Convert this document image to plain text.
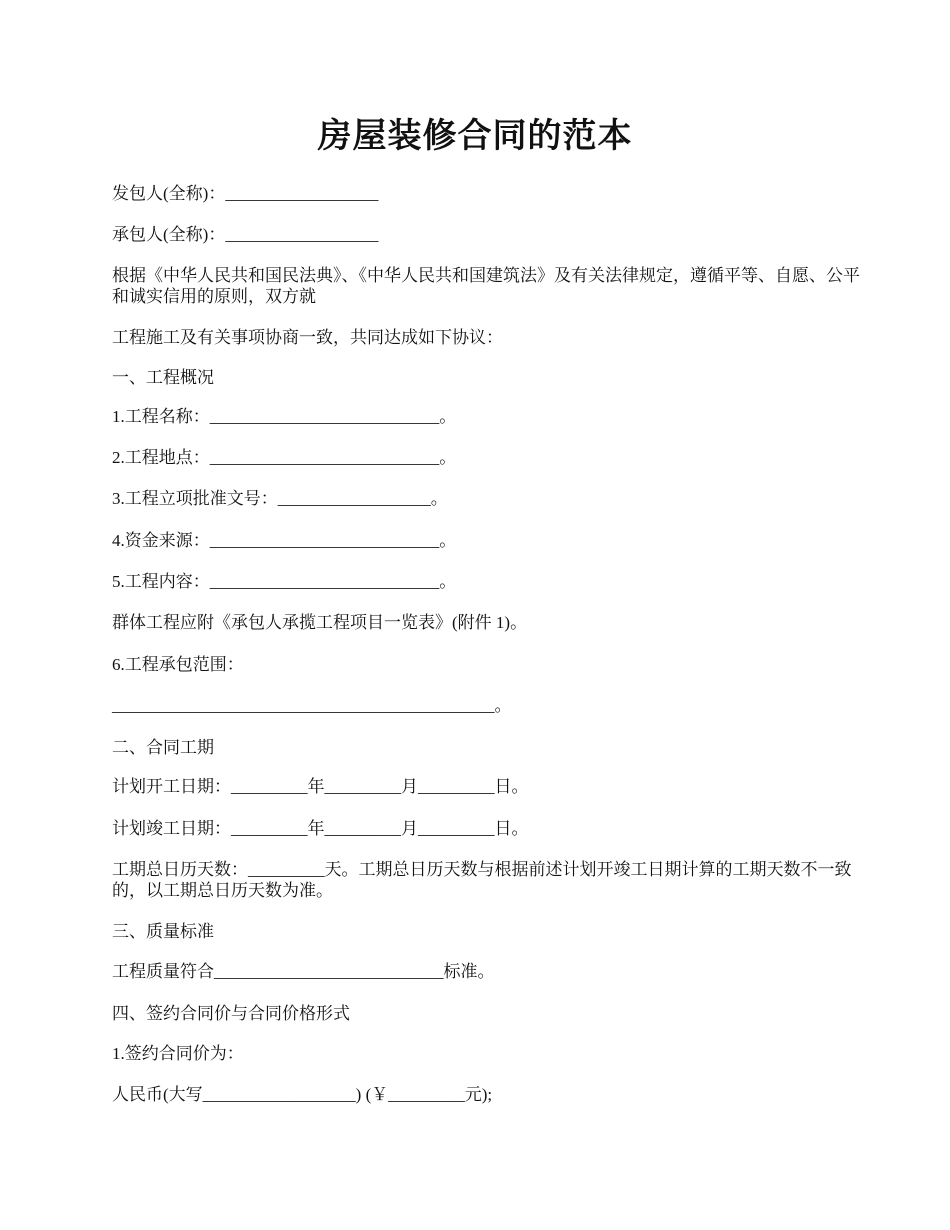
房屋装修合同的范本
发包人(全称)：__________________
承包人(全称)：__________________
根据《中华人民共和国民法典》、《中华人民共和国建筑法》及有关法律规定，遵循平等、自愿、公平和诚实信用的原则，双方就
工程施工及有关事项协商一致，共同达成如下协议：
一、工程概况
1.工程名称：___________________________。
2.工程地点：___________________________。
3.工程立项批准文号：__________________。
4.资金来源：___________________________。
5.工程内容：___________________________。
群体工程应附《承包人承揽工程项目一览表》(附件 1)。
6.工程承包范围：
_____________________________________________。
二、合同工期
计划开工日期：_________年_________月_________日。
计划竣工日期：_________年_________月_________日。
工期总日历天数：_________天。工期总日历天数与根据前述计划开竣工日期计算的工期天数不一致的，以工期总日历天数为准。
三、质量标准
工程质量符合___________________________标准。
四、签约合同价与合同价格形式
1.签约合同价为：
人民币(大写__________________) (￥_________元);
